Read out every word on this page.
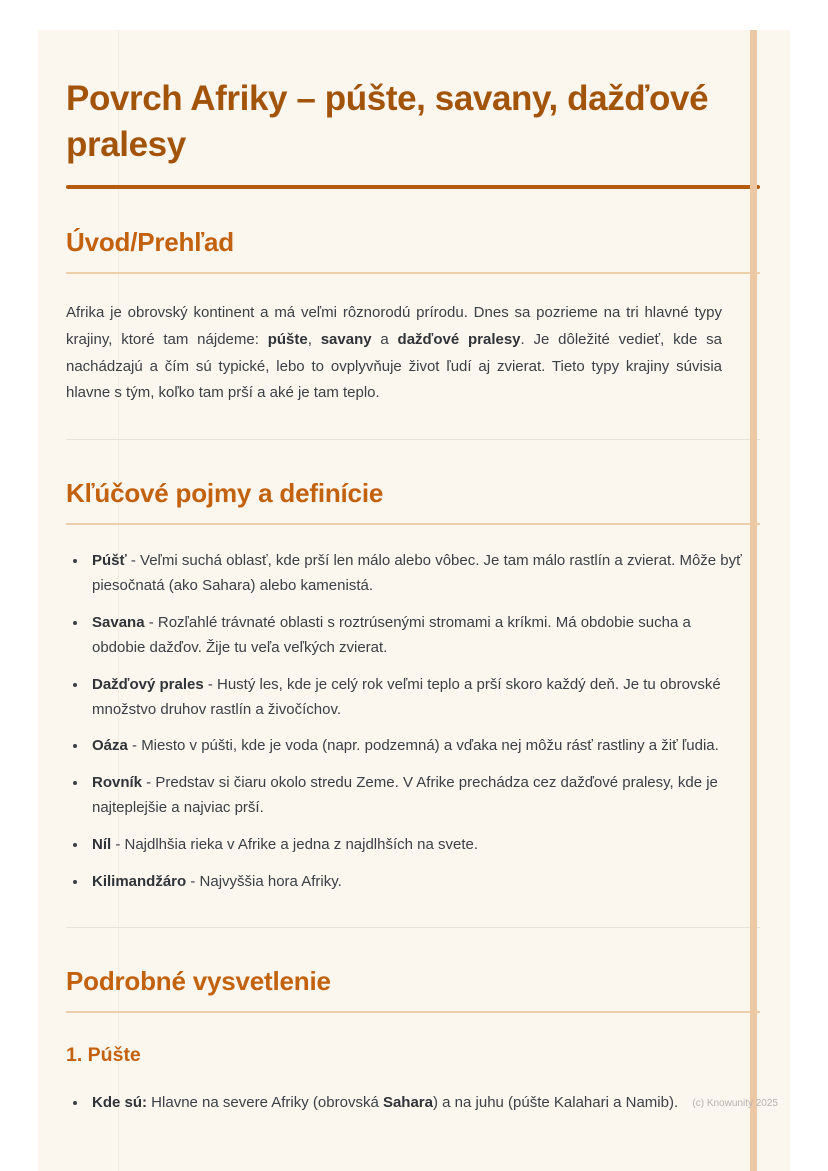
Povrch Afriky – púšte, savany, dažďové pralesy
Úvod/Prehľad

Afrika je obrovský kontinent a má veľmi rôznorodú prírodu. Dnes sa pozrieme na tri hlavné typy krajiny, ktoré tam nájdeme: púšte, savany a dažďové pralesy. Je dôležité vedieť, kde sa nachádzajú a čím sú typické, lebo to ovplyvňuje život ľudí aj zvierat. Tieto typy krajiny súvisia hlavne s tým, koľko tam prší a aké je tam teplo.

Kľúčové pojmy a definície
• Púšť - Veľmi suchá oblasť, kde prší len málo alebo vôbec. Je tam málo rastlín a zvierat. Môže byť piesočnatá (ako Sahara) alebo kamenistá.
• Savana - Rozľahlé trávnaté oblasti s roztrúsenými stromami a kríkmi. Má obdobie sucha a obdobie dažďov. Žije tu veľa veľkých zvierat.
• Dažďový prales - Hustý les, kde je celý rok veľmi teplo a prší skoro každý deň. Je tu obrovské množstvo druhov rastlín a živočíchov.
• Oáza - Miesto v púšti, kde je voda (napr. podzemná) a vďaka nej môžu rásť rastliny a žiť ľudia.
• Rovník - Predstav si čiaru okolo stredu Zeme. V Afrike prechádza cez dažďové pralesy, kde je najteplejšie a najviac prší.
• Níl - Najdlhšia rieka v Afrike a jedna z najdlhších na svete.
• Kilimandžáro - Najvyššia hora Afriky.
Podrobné vysvetlenie
1. Púšte
• Kde sú: Hlavne na severe Afriky (obrovská Sahara) a na juhu (púšte Kalahari a Namib).	(c) Knowunity 2025
